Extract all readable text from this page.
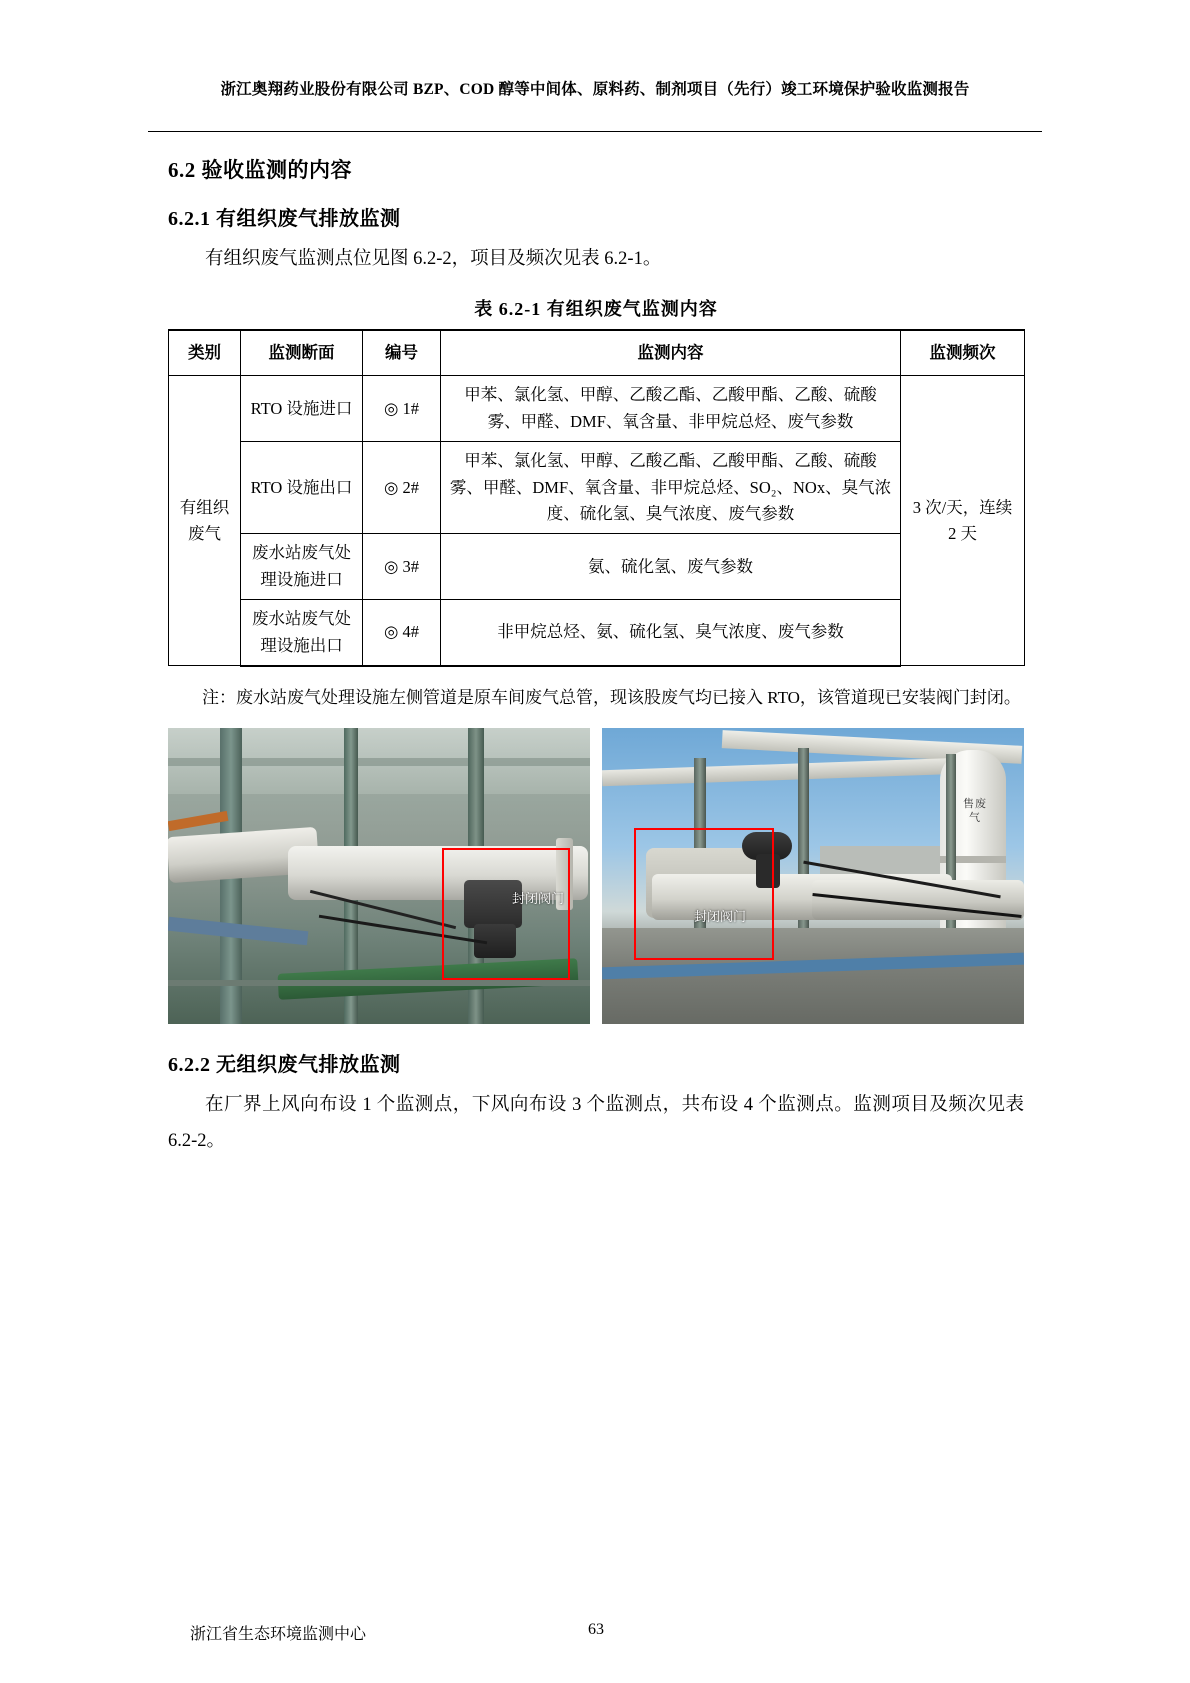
浙江奥翔药业股份有限公司 BZP、COD 醇等中间体、原料药、制剂项目（先行）竣工环境保护验收监测报告
6.2 验收监测的内容
6.2.1 有组织废气排放监测

有组织废气监测点位见图 6.2-2，项目及频次见表 6.2-1。

表 6.2-1 有组织废气监测内容
类别	监测断面	编号	监测内容	监测频次
有组织废气	RTO 设施进口	◎ 1#	甲苯、氯化氢、甲醇、乙酸乙酯、乙酸甲酯、乙酸、硫酸雾、甲醛、DMF、氧含量、非甲烷总烃、废气参数	3 次/天，连续 2 天
	RTO 设施出口	◎ 2#	甲苯、氯化氢、甲醇、乙酸乙酯、乙酸甲酯、乙酸、硫酸雾、甲醛、DMF、氧含量、非甲烷总烃、SO₂、NOx、臭气浓度、硫化氢、臭气浓度、废气参数	
	废水站废气处理设施进口	◎ 3#	氨、硫化氢、废气参数	
	废水站废气处理设施出口	◎ 4#	非甲烷总烃、氨、硫化氢、臭气浓度、废气参数	

注：废水站废气处理设施左侧管道是原车间废气总管，现该股废气均已接入 RTO，该管道现已安装阀门封闭。

封闭阀门
售废气
封闭阀门
6.2.2 无组织废气排放监测

在厂界上风向布设 1 个监测点，下风向布设 3 个监测点，共布设 4 个监测点。监测项目及频次见表 6.2-2。

浙江省生态环境监测中心	63
